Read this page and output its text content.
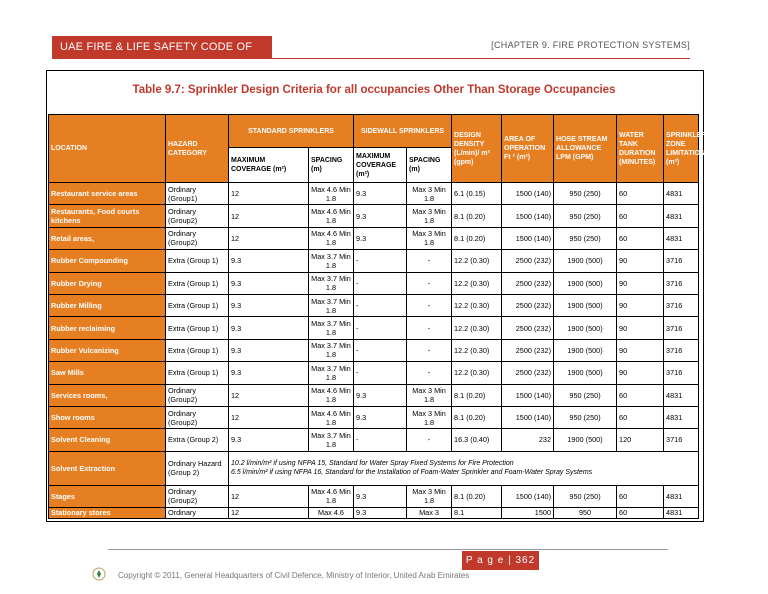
UAE FIRE & LIFE SAFETY CODE OF PRACTICE
[CHAPTER 9. FIRE PROTECTION SYSTEMS]
Table 9.7: Sprinkler Design Criteria for all occupancies Other Than Storage Occupancies
LOCATION	HAZARD CATEGORY	STANDARD SPRINKLERS		SIDEWALL SPRINKLERS		DESIGN DENSITY (L/min)/ m² (gpm)	AREA OF OPERATION Ft ² (m²)	HOSE STREAM ALLOWANCE LPM (GPM)	WATER TANK DURATION (MINUTES)	SPRINKLER ZONE LIMITATION (m²)
		MAXIMUM COVERAGE (m²)	SPACING (m)	MAXIMUM COVERAGE (m²)	SPACING (m)					
Restaurant service areas	Ordinary (Group1)	12	Max 4.6 Min 1.8	9.3	Max 3 Min 1.8	6.1 (0.15)	1500 (140)	950 (250)	60	4831
Restaurants, Food courts kitchens	Ordinary (Group2)	12	Max 4.6 Min 1.8	9.3	Max 3 Min 1.8	8.1 (0.20)	1500 (140)	950 (250)	60	4831
Retail areas,	Ordinary (Group2)	12	Max 4.6 Min 1.8	9.3	Max 3 Min 1.8	8.1 (0.20)	1500 (140)	950 (250)	60	4831
Rubber Compounding	Extra (Group 1)	9.3	Max 3.7 Min 1.8	-	-	12.2 (0.30)	2500 (232)	1900 (500)	90	3716
Rubber Drying	Extra (Group 1)	9.3	Max 3.7 Min 1.8	-	-	12.2 (0.30)	2500 (232)	1900 (500)	90	3716
Rubber Milling	Extra (Group 1)	9.3	Max 3.7 Min 1.8	-	-	12.2 (0.30)	2500 (232)	1900 (500)	90	3716
Rubber reclaiming	Extra (Group 1)	9.3	Max 3.7 Min 1.8	-	-	12.2 (0.30)	2500 (232)	1900 (500)	90	3716
Rubber Vulcanizing	Extra (Group 1)	9.3	Max 3.7 Min 1.8	-	-	12.2 (0.30)	2500 (232)	1900 (500)	90	3716
Saw Mills	Extra (Group 1)	9.3	Max 3.7 Min 1.8	-	-	12.2 (0.30)	2500 (232)	1900 (500)	90	3716
Services rooms,	Ordinary (Group2)	12	Max 4.6 Min 1.8	9.3	Max 3 Min 1.8	8.1 (0.20)	1500 (140)	950 (250)	60	4831
Show rooms	Ordinary (Group2)	12	Max 4.6 Min 1.8	9.3	Max 3 Min 1.8	8.1 (0.20)	1500 (140)	950 (250)	60	4831
Solvent Cleaning	Extra (Group 2)	9.3	Max 3.7 Min 1.8	-	-	16.3 (0.40)	232	1900 (500)	120	3716
Solvent Extraction	Ordinary Hazard (Group 2)	10.2 l/min/m² if using NFPA 15, Standard for Water Spray Fixed Systems for Fire Protection
6.5 l/min/m² if using NFPA 16, Standard for the Installation of Foam-Water Sprinkler and Foam-Water Spray Systems								

Stages	Ordinary (Group2)	12	Max 4.6 Min 1.8	9.3	Max 3 Min 1.8	8.1 (0.20)	1500 (140)	950 (250)	60	4831
Stationary stores	Ordinary	12	Max 4.6	9.3	Max 3	8.1	1500	950	60	4831
P a g e | 362
Copyright © 2011, General Headquarters of Civil Defence, Ministry of Interior, United Arab Emirates
